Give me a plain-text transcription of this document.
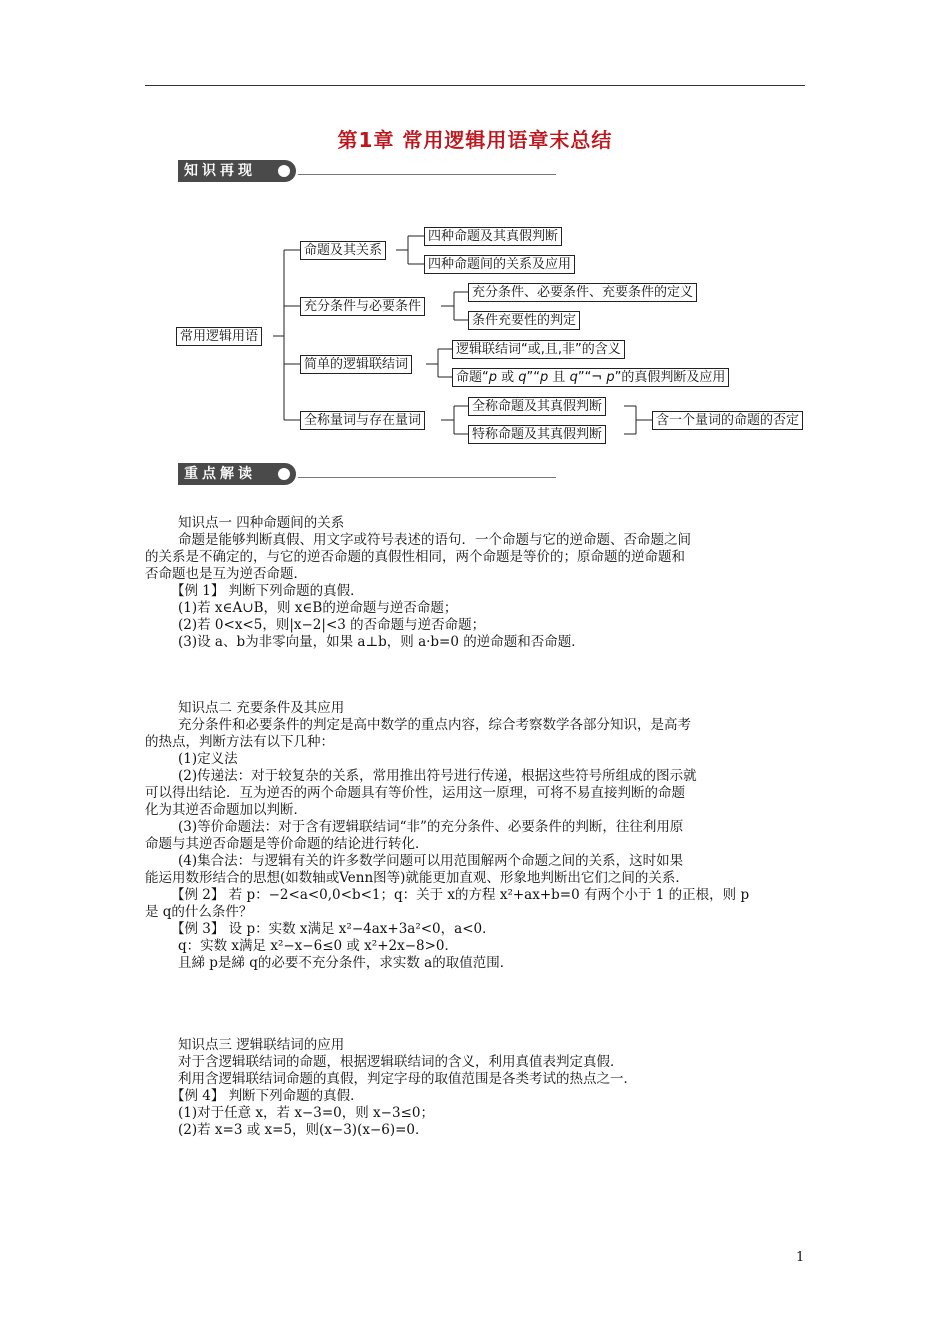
第1章 常用逻辑用语章末总结
知识再现
常用逻辑用语
命题及其关系
四种命题及其真假判断
四种命题间的关系及应用
充分条件与必要条件
充分条件、必要条件、充要条件的定义
条件充要性的判定
简单的逻辑联结词
逻辑联结词“或,且,非”的含义
命题“p 或 q”“p 且 q”“¬ p”的真假判断及应用
全称量词与存在量词
全称命题及其真假判断
特称命题及其真假判断
含一个量词的命题的否定
重点解读
知识点一 四种命题间的关系
命题是能够判断真假、用文字或符号表述的语句．一个命题与它的逆命题、否命题之间
的关系是不确定的，与它的逆否命题的真假性相同，两个命题是等价的；原命题的逆命题和
否命题也是互为逆否命题．
【例 1】 判断下列命题的真假．
(1)若 x∈A∪B，则 x∈B的逆命题与逆否命题；
(2)若 0<x<5，则|x−2|<3 的否命题与逆否命题；
(3)设 a、b为非零向量，如果 a⊥b，则 a·b=0 的逆命题和否命题．
知识点二 充要条件及其应用
充分条件和必要条件的判定是高中数学的重点内容，综合考察数学各部分知识，是高考
的热点，判断方法有以下几种：
(1)定义法
(2)传递法：对于较复杂的关系，常用推出符号进行传递，根据这些符号所组成的图示就
可以得出结论．互为逆否的两个命题具有等价性，运用这一原理，可将不易直接判断的命题
化为其逆否命题加以判断．
(3)等价命题法：对于含有逻辑联结词“非”的充分条件、必要条件的判断，往往利用原
命题与其逆否命题是等价命题的结论进行转化．
(4)集合法：与逻辑有关的许多数学问题可以用范围解两个命题之间的关系，这时如果
能运用数形结合的思想(如数轴或Venn图等)就能更加直观、形象地判断出它们之间的关系．
【例 2】 若 p：−2<a<0,0<b<1；q：关于 x的方程 x²+ax+b=0 有两个小于 1 的正根，则 p
是 q的什么条件？
【例 3】 设 p：实数 x满足 x²−4ax+3a²<0，a<0．
q：实数 x满足 x²−x−6≤0 或 x²+2x−8>0．
且綈 p是綈 q的必要不充分条件，求实数 a的取值范围．
知识点三 逻辑联结词的应用
对于含逻辑联结词的命题，根据逻辑联结词的含义，利用真值表判定真假．
利用含逻辑联结词命题的真假，判定字母的取值范围是各类考试的热点之一．
【例 4】 判断下列命题的真假．
(1)对于任意 x，若 x−3=0，则 x−3≤0；
(2)若 x=3 或 x=5，则(x−3)(x−6)=0．
1
